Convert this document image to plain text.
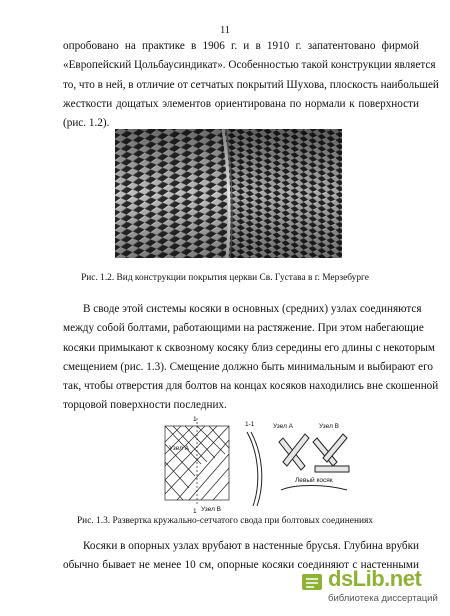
11
опробовано на практике в 1906 г. и в 1910 г. запатентовано фирмой
«Европейский Цольбаусиндикат». Особенностью такой конструкции является
то, что в ней, в отличие от сетчатых покрытий Шухова, плоскость наибольшей
жесткости дощатых элементов ориентирована по нормали к поверхности
(рис. 1.2).
Рис. 1.2. Вид конструкции покрытия церкви Св. Густава в г. Мерзебурге
В своде этой системы косяки в основных (средних) узлах соединяются
между собой болтами, работающими на растяжение. При этом набегающие
косяки примыкают к сквозному косяку близ середины его длины с некоторым
смещением (рис. 1.3). Смещение должно быть минимальным и выбирают его
так, чтобы отверстия для болтов на концах косяков находились вне скошенной
торцовой поверхности последних.
Узел А
Узел В
1
1
1-1	Узел А	Узел В
Левый косяк
Рис. 1.3. Развертка кружально-сетчатого свода при болтовых соединениях
Косяки в опорных узлах врубают в настенные брусья. Глубина врубки
обычно бывает не менее 10 см, опорные косяки соединяют с настенными
dsLib.net
библиотека диссертаций
